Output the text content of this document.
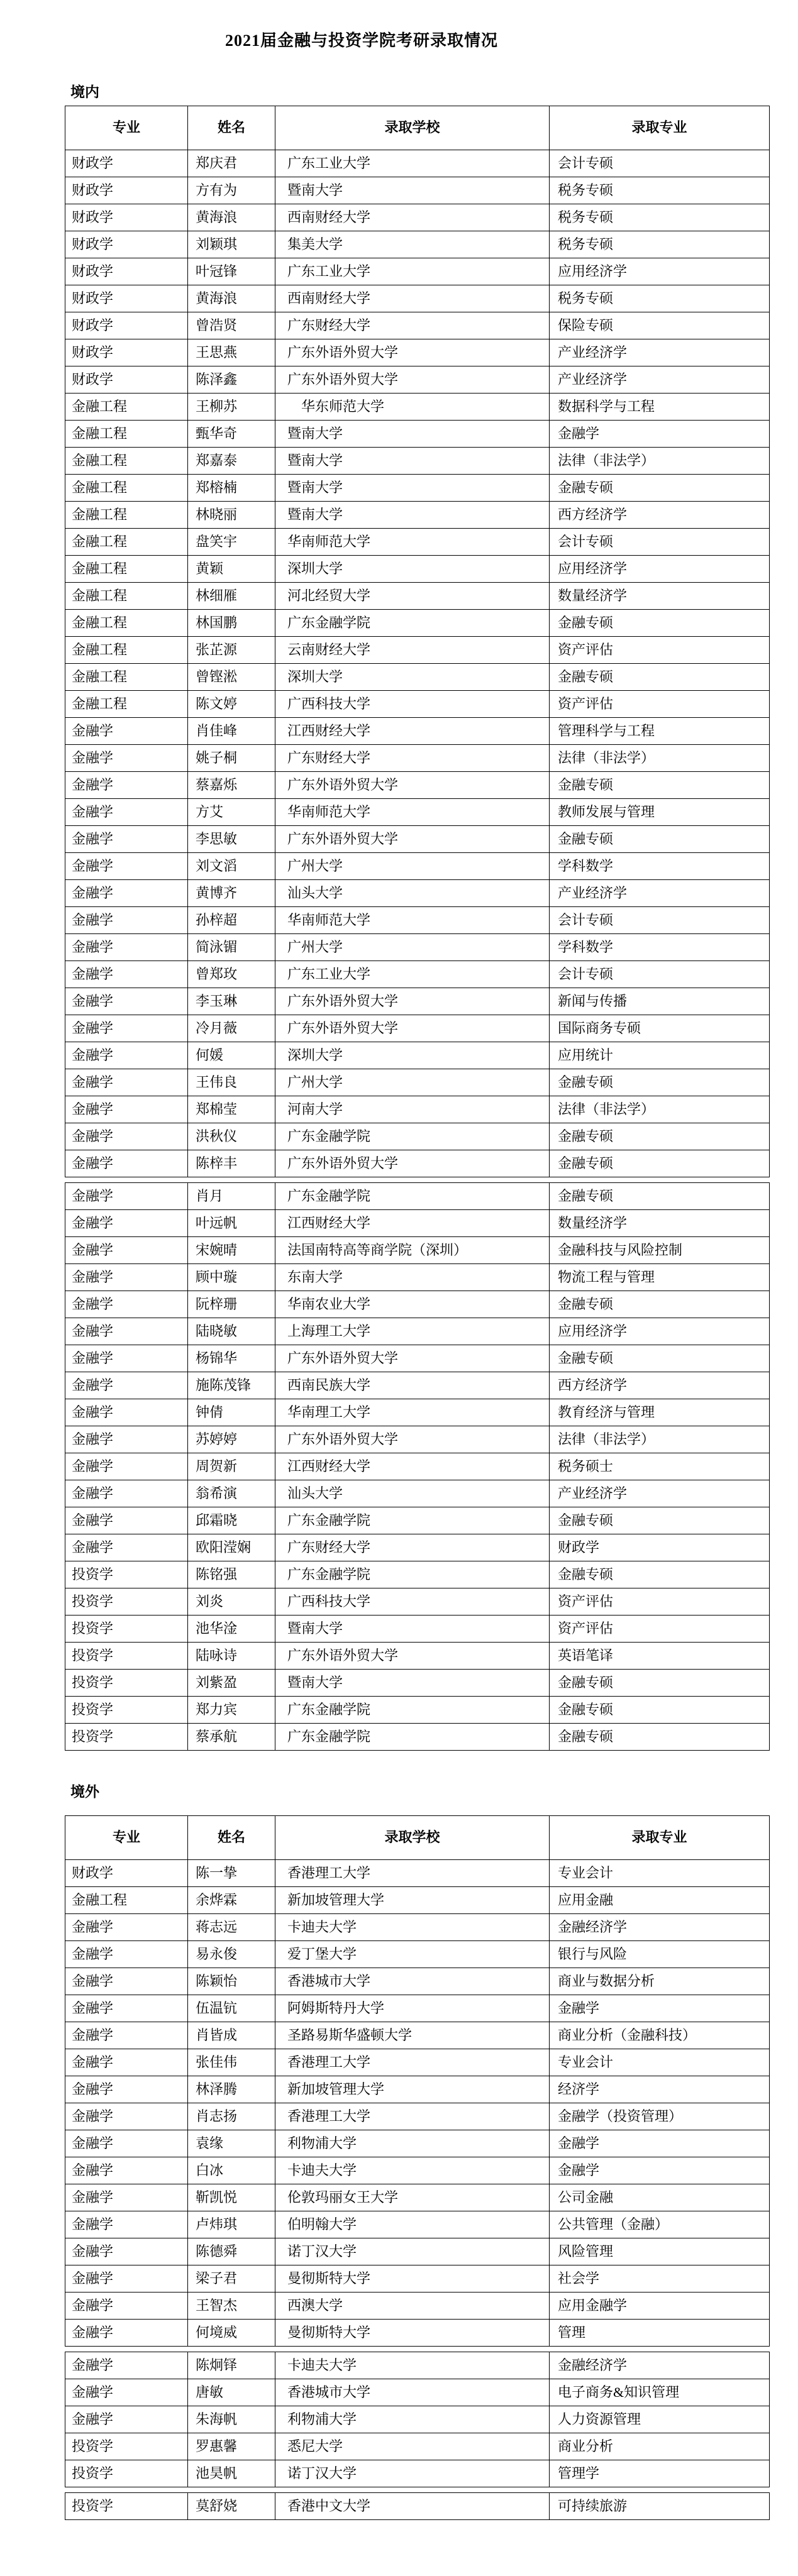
2021届金融与投资学院考研录取情况
境内
专业	姓名	录取学校	录取专业
财政学	郑庆君	广东工业大学	会计专硕
财政学	方有为	暨南大学	税务专硕
财政学	黄海浪	西南财经大学	税务专硕
财政学	刘颖琪	集美大学	税务专硕
财政学	叶冠锋	广东工业大学	应用经济学
财政学	黄海浪	西南财经大学	税务专硕
财政学	曾浩贤	广东财经大学	保险专硕
财政学	王思燕	广东外语外贸大学	产业经济学
财政学	陈泽鑫	广东外语外贸大学	产业经济学
金融工程	王柳苏	　华东师范大学	数据科学与工程
金融工程	甄华奇	暨南大学	金融学
金融工程	郑嘉泰	暨南大学	法律（非法学）
金融工程	郑榕楠	暨南大学	金融专硕
金融工程	林晓丽	暨南大学	西方经济学
金融工程	盘笑宇	华南师范大学	会计专硕
金融工程	黄颖	深圳大学	应用经济学
金融工程	林细雁	河北经贸大学	数量经济学
金融工程	林国鹏	广东金融学院	金融专硕
金融工程	张芷源	云南财经大学	资产评估
金融工程	曾铿淞	深圳大学	金融专硕
金融工程	陈文婷	广西科技大学	资产评估
金融学	肖佳峰	江西财经大学	管理科学与工程
金融学	姚子桐	广东财经大学	法律（非法学）
金融学	蔡嘉烁	广东外语外贸大学	金融专硕
金融学	方艾	华南师范大学	教师发展与管理
金融学	李思敏	广东外语外贸大学	金融专硕
金融学	刘文滔	广州大学	学科数学
金融学	黄博齐	汕头大学	产业经济学
金融学	孙梓超	华南师范大学	会计专硕
金融学	简泳镅	广州大学	学科数学
金融学	曾郑玫	广东工业大学	会计专硕
金融学	李玉琳	广东外语外贸大学	新闻与传播
金融学	冷月薇	广东外语外贸大学	国际商务专硕
金融学	何媛	深圳大学	应用统计
金融学	王伟良	广州大学	金融专硕
金融学	郑棉莹	河南大学	法律（非法学）
金融学	洪秋仪	广东金融学院	金融专硕
金融学	陈梓丰	广东外语外贸大学	金融专硕
金融学	肖月	广东金融学院	金融专硕
金融学	叶远帆	江西财经大学	数量经济学
金融学	宋婉晴	法国南特高等商学院（深圳）	金融科技与风险控制
金融学	顾中璇	东南大学	物流工程与管理
金融学	阮梓珊	华南农业大学	金融专硕
金融学	陆晓敏	上海理工大学	应用经济学
金融学	杨锦华	广东外语外贸大学	金融专硕
金融学	施陈茂锋	西南民族大学	西方经济学
金融学	钟倩	华南理工大学	教育经济与管理
金融学	苏婷婷	广东外语外贸大学	法律（非法学）
金融学	周贺新	江西财经大学	税务硕士
金融学	翁希演	汕头大学	产业经济学
金融学	邱霜晓	广东金融学院	金融专硕
金融学	欧阳滢娴	广东财经大学	财政学
投资学	陈铭强	广东金融学院	金融专硕
投资学	刘炎	广西科技大学	资产评估
投资学	池华淦	暨南大学	资产评估
投资学	陆咏诗	广东外语外贸大学	英语笔译
投资学	刘紫盈	暨南大学	金融专硕
投资学	郑力宾	广东金融学院	金融专硕
投资学	蔡承航	广东金融学院	金融专硕
境外
专业	姓名	录取学校	录取专业
财政学	陈一挚	香港理工大学	专业会计
金融工程	余烨霖	新加坡管理大学	应用金融
金融学	蒋志远	卡迪夫大学	金融经济学
金融学	易永俊	爱丁堡大学	银行与风险
金融学	陈颖怡	香港城市大学	商业与数据分析
金融学	伍温钪	阿姆斯特丹大学	金融学
金融学	肖皆成	圣路易斯华盛顿大学	商业分析（金融科技）
金融学	张佳伟	香港理工大学	专业会计
金融学	林泽腾	新加坡管理大学	经济学
金融学	肖志扬	香港理工大学	金融学（投资管理）
金融学	袁缘	利物浦大学	金融学
金融学	白冰	卡迪夫大学	金融学
金融学	靳凯悦	伦敦玛丽女王大学	公司金融
金融学	卢炜琪	伯明翰大学	公共管理（金融）
金融学	陈德舜	诺丁汉大学	风险管理
金融学	梁子君	曼彻斯特大学	社会学
金融学	王智杰	西澳大学	应用金融学
金融学	何境威	曼彻斯特大学	管理
金融学	陈炯铎	卡迪夫大学	金融经济学
金融学	唐敏	香港城市大学	电子商务&知识管理
金融学	朱海帆	利物浦大学	人力资源管理
投资学	罗惠馨	悉尼大学	商业分析
投资学	池昊帆	诺丁汉大学	管理学
投资学	莫舒娆	香港中文大学	可持续旅游
